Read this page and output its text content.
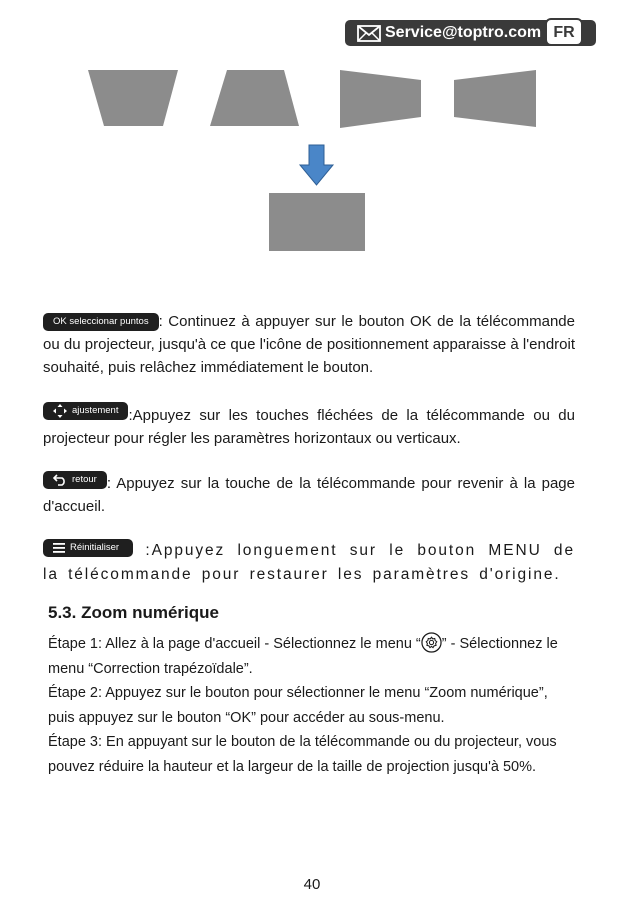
Service@toptro.com FR
OK seleccionar puntos : Continuez à appuyer sur le bouton OK de la télécommande ou du projecteur, jusqu'à ce que l'icône de positionnement apparaisse à l'endroit souhaité, puis relâchez immédiatement le bouton.
ajustement :Appuyez sur les touches fléchées de la télécommande ou du projecteur pour régler les paramètres horizontaux ou verticaux.
retour : Appuyez sur la touche de la télécommande pour revenir à la page d'accueil.
Réinitialiser :Appuyez longuement sur le bouton MENU de la télécommande pour restaurer les paramètres d'origine.
5.3. Zoom numérique
Étape 1: Allez à la page d'accueil - Sélectionnez le menu “ ” - Sélectionnez le menu “Correction trapézoïdale”.
Étape 2: Appuyez sur le bouton pour sélectionner le menu “Zoom numérique”, puis appuyez sur le bouton “OK” pour accéder au sous-menu.
Étape 3: En appuyant sur le bouton de la télécommande ou du projecteur, vous pouvez réduire la hauteur et la largeur de la taille de projection jusqu'à 50%.
40
